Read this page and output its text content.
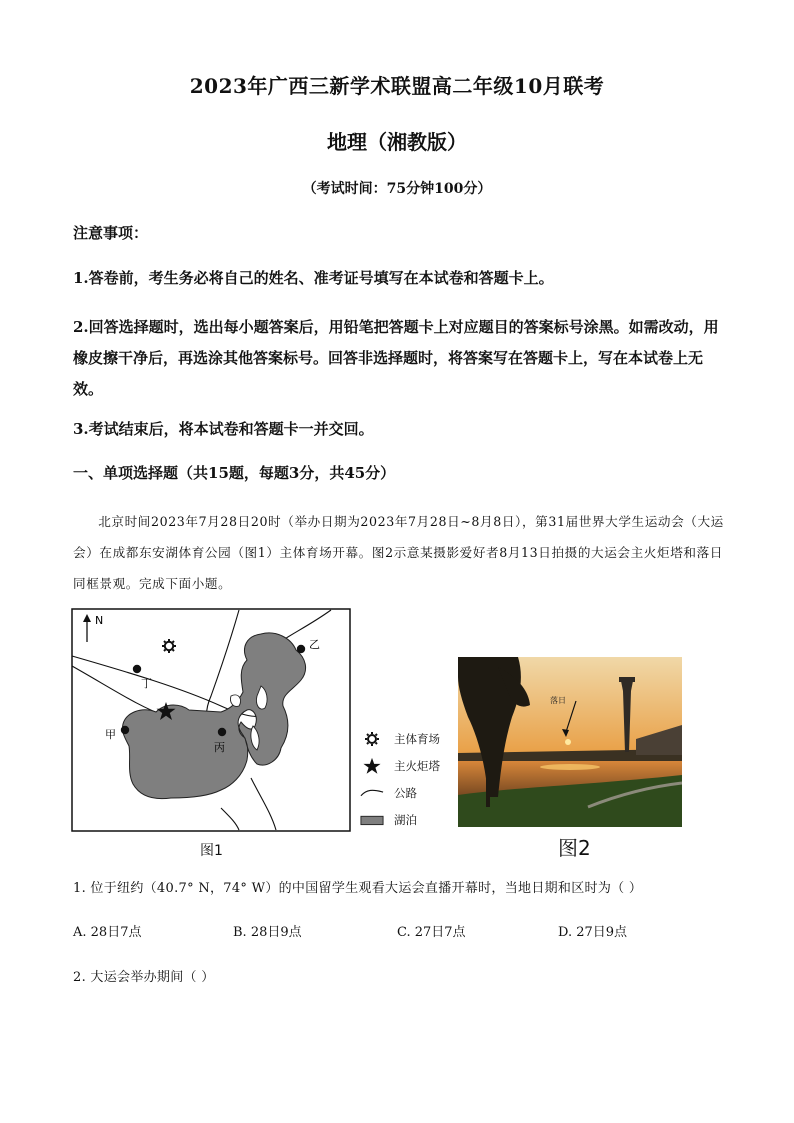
2023年广西三新学术联盟高二年级10月联考
地理（湘教版）
（考试时间：75分钟100分）
注意事项：
1.答卷前，考生务必将自己的姓名、准考证号填写在本试卷和答题卡上。
2.回答选择题时，选出每小题答案后，用铅笔把答题卡上对应题目的答案标号涂黑。如需改动，用橡皮擦干净后，再选涂其他答案标号。回答非选择题时，将答案写在答题卡上，写在本试卷上无效。
3.考试结束后，将本试卷和答题卡一并交回。
一、单项选择题（共15题，每题3分，共45分）
北京时间2023年7月28日20时（举办日期为2023年7月28日~8月8日），第31届世界大学生运动会（大运会）在成都东安湖体育公园（图1）主体育场开幕。图2示意某摄影爱好者8月13日拍摄的大运会主火炬塔和落日同框景观。完成下面小题。
N
丁
甲
乙
丙
图1
主体育场
主火炬塔
公路
湖泊
落日
图2
1. 位于纽约（40.7° N，74° W）的中国留学生观看大运会直播开幕时，当地日期和区时为（ ）
A. 28日7点	B. 28日9点	C. 27日7点	D. 27日9点
2. 大运会举办期间（ ）
